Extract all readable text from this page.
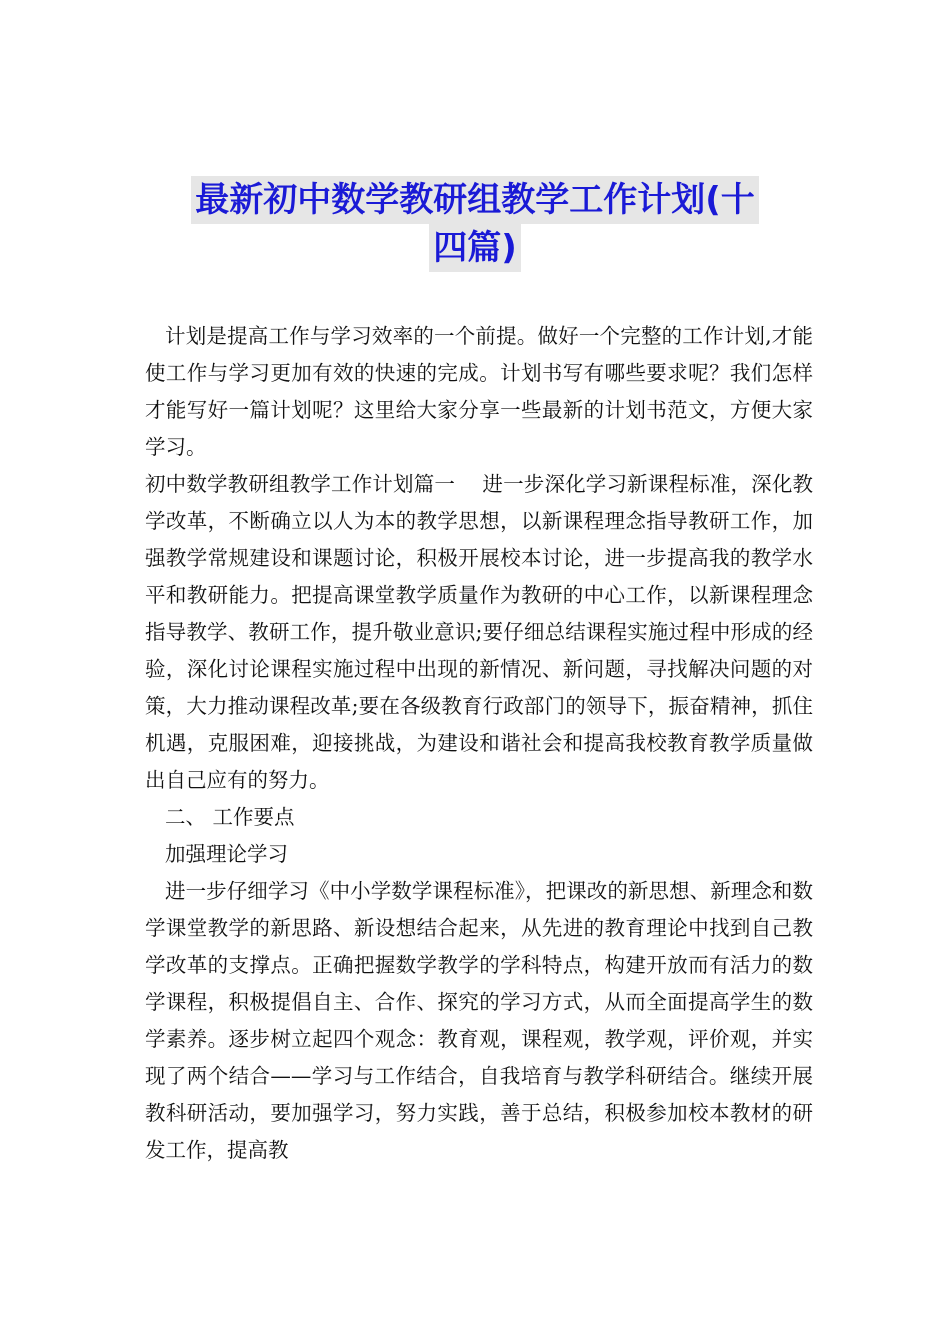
最新初中数学教研组教学工作计划(十
四篇)

计划是提高工作与学习效率的一个前提。做好一个完整的工作计划,才能使工作与学习更加有效的快速的完成。计划书写有哪些要求呢？我们怎样才能写好一篇计划呢？这里给大家分享一些最新的计划书范文，方便大家学习。

初中数学教研组教学工作计划篇一　 进一步深化学习新课程标准，深化教学改革，不断确立以人为本的教学思想，以新课程理念指导教研工作，加强教学常规建设和课题讨论，积极开展校本讨论，进一步提高我的教学水平和教研能力。把提高课堂教学质量作为教研的中心工作，以新课程理念指导教学、教研工作，提升敬业意识;要仔细总结课程实施过程中形成的经验，深化讨论课程实施过程中出现的新情况、新问题，寻找解决问题的对策，大力推动课程改革;要在各级教育行政部门的领导下，振奋精神，抓住机遇，克服困难，迎接挑战，为建设和谐社会和提高我校教育教学质量做出自己应有的努力。

二、 工作要点

加强理论学习

进一步仔细学习《中小学数学课程标准》，把课改的新思想、新理念和数学课堂教学的新思路、新设想结合起来，从先进的教育理论中找到自己教学改革的支撑点。正确把握数学教学的学科特点，构建开放而有活力的数学课程，积极提倡自主、合作、探究的学习方式，从而全面提高学生的数学素养。逐步树立起四个观念：教育观，课程观，教学观，评价观，并实现了两个结合——学习与工作结合，自我培育与教学科研结合。继续开展教科研活动，要加强学习，努力实践，善于总结，积极参加校本教材的研发工作，提高教
